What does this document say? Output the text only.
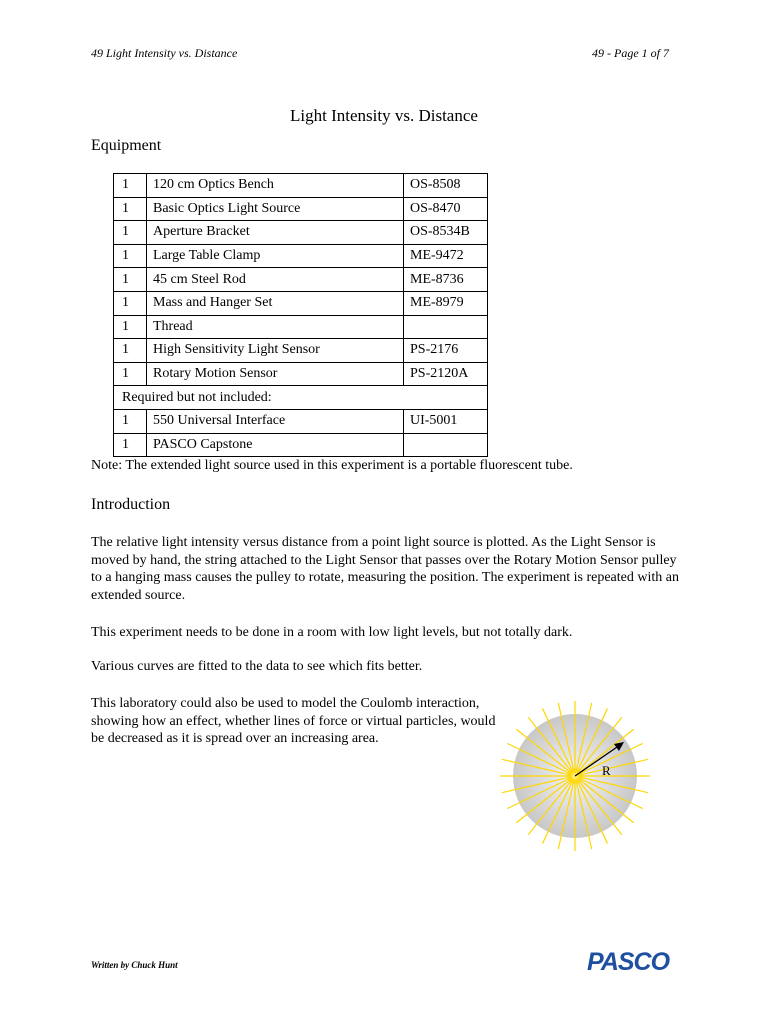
49 Light Intensity vs. Distance	49 - Page 1 of 7
Light Intensity vs. Distance
Equipment
1	120 cm Optics Bench	OS-8508
1	Basic Optics Light Source	OS-8470
1	Aperture Bracket	OS-8534B
1	Large Table Clamp	ME-9472
1	45 cm Steel Rod	ME-8736
1	Mass and Hanger Set	ME-8979
1	Thread	
1	High Sensitivity Light Sensor	PS-2176
1	Rotary Motion Sensor	PS-2120A
Required but not included:		
1	550 Universal Interface	UI-5001
1	PASCO Capstone	
Note: The extended light source used in this experiment is a portable fluorescent tube.
Introduction

The relative light intensity versus distance from a point light source is plotted. As the Light Sensor is moved by hand, the string attached to the Light Sensor that passes over the Rotary Motion Sensor pulley to a hanging mass causes the pulley to rotate, measuring the position. The experiment is repeated with an extended source.

This experiment needs to be done in a room with low light levels, but not totally dark.

Various curves are fitted to the data to see which fits better.

This laboratory could also be used to model the Coulomb interaction, showing how an effect, whether lines of force or virtual particles, would be decreased as it is spread over an increasing area.

R
Written by Chuck Hunt	PASCO
